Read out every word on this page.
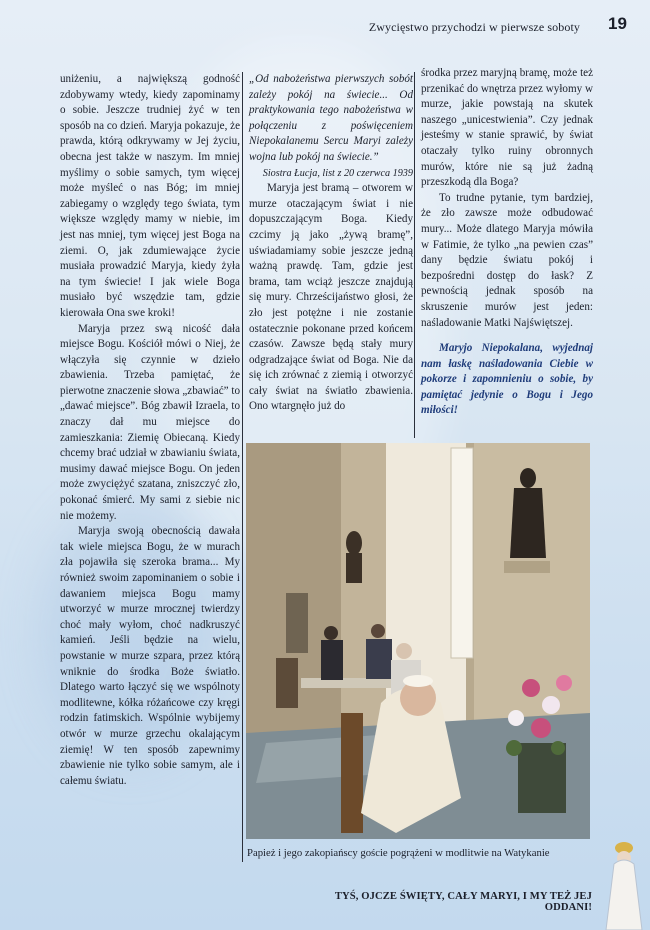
Zwycięstwo przychodzi w pierwsze soboty 19

uniżeniu, a największą godność zdobywamy wtedy, kiedy zapominamy o sobie. Jeszcze trudniej żyć w ten sposób na co dzień. Maryja pokazuje, że prawda, którą odkrywamy w Jej życiu, obecna jest także w naszym. Im mniej myślimy o sobie samych, tym więcej może myśleć o nas Bóg; im mniej zabiegamy o względy tego świata, tym większe względy mamy w niebie, im jest nas mniej, tym więcej jest Boga na ziemi. O, jak zdumiewające życie musiała prowadzić Maryja, kiedy żyła na tym świecie! I jak wiele Boga musiało być wszędzie tam, gdzie kierowała Ona swe kroki!

Maryja przez swą nicość dała miejsce Bogu. Kościół mówi o Niej, że włączyła się czynnie w dzieło zbawienia. Trzeba pamiętać, że pierwotne znaczenie słowa „zbawiać” to „dawać miejsce”. Bóg zbawił Izraela, to znaczy dał mu miejsce do zamieszkania: Ziemię Obiecaną. Kiedy chcemy brać udział w zbawianiu świata, musimy dawać miejsce Bogu. On jeden może zwyciężyć szatana, zniszczyć zło, pokonać śmierć. My sami z siebie nic nie możemy.

Maryja swoją obecnością dawała tak wiele miejsca Bogu, że w murach zła pojawiła się szeroka brama... My również swoim zapominaniem o sobie i dawaniem miejsca Bogu mamy utworzyć w murze mrocznej twierdzy choć mały wyłom, choć nadkruszyć kamień. Jeśli będzie na wielu, powstanie w murze szpara, przez którą wniknie do środka Boże światło. Dlatego warto łączyć się we wspólnoty modlitewne, kółka różańcowe czy kręgi rodzin fatimskich. Wspólnie wybijemy otwór w murze grzechu okalającym ziemię! W ten sposób zapewnimy zbawienie nie tylko sobie samym, ale i całemu światu.

„Od nabożeństwa pierwszych sobót zależy pokój na świecie... Od praktykowania tego nabożeństwa w połączeniu z poświęceniem Niepokalanemu Sercu Maryi zależy wojna lub pokój na świecie.”

Siostra Łucja, list z 20 czerwca 1939

Maryja jest bramą – otworem w murze otaczającym świat i nie dopuszczającym Boga. Kiedy czcimy ją jako „żywą bramę”, uświadamiamy sobie jeszcze jedną ważną prawdę. Tam, gdzie jest brama, tam wciąż jeszcze znajdują się mury. Chrześcijaństwo głosi, że zło jest potężne i nie zostanie ostatecznie pokonane przed końcem czasów. Zawsze będą stały mury odgradzające świat od Boga. Nie da się ich zrównać z ziemią i otworzyć cały świat na światło zbawienia. Ono wtargnęło już do

środka przez maryjną bramę, może też przenikać do wnętrza przez wyłomy w murze, jakie powstają na skutek naszego „unicestwienia”. Czy jednak jesteśmy w stanie sprawić, by świat otaczały tylko ruiny obronnych murów, które nie są już żadną przeszkodą dla Boga?

To trudne pytanie, tym bardziej, że zło zawsze może odbudować mury... Może dlatego Maryja mówiła w Fatimie, że tylko „na pewien czas” dany będzie światu pokój i bezpośredni dostęp do łask? Z pewnością jednak sposób na skruszenie murów jest jeden: naśladowanie Matki Najświętszej.

Maryjo Niepokalana, wyjednaj nam łaskę naśladowania Ciebie w pokorze i zapomnieniu o sobie, by pamiętać jedynie o Bogu i Jego miłości!

Papież i jego zakopiańscy goście pogrążeni w modlitwie na Watykanie
TYŚ, OJCZE ŚWIĘTY, CAŁY MARYI, I MY TEŻ JEJ ODDANI!
